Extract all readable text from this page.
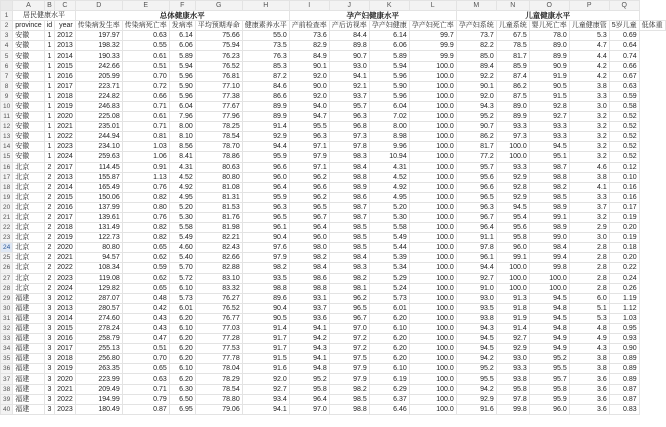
	A	B	C	D	E	F	G	H	I	J	K	L	M	N	O	P	Q	
1	居民健康水平			总体健康水平					孕产妇健康水平				儿童健康水平					
2	province	id	year	传染病发生率	传染病死亡率	发病率	平均预期寿命	健康素养水平	产前检查率	产后访视率	孕产妇健康	孕产妇死亡率	孕产妇系统	儿童系统	婴儿死亡率	儿童健康管	5岁儿童	低体重
3	安徽	1	2012	197.97	0.63	6.14	75.66	55.0	73.6	84.4	6.14	99.7	73.7	67.5	78.0	5.3	0.69	
4	安徽	1	2013	198.32	0.55	6.06	75.94	73.5	82.9	89.8	6.06	99.9	82.2	78.5	89.0	4.7	0.64	
5	安徽	1	2014	190.33	0.61	5.89	76.23	76.3	84.9	90.7	5.89	99.9	85.0	81.7	89.9	4.4	0.74	
6	安徽	1	2015	242.66	0.51	5.94	76.52	85.3	90.1	93.0	5.94	100.0	89.4	85.9	90.9	4.2	0.66	
7	安徽	1	2016	205.99	0.70	5.96	76.81	87.2	92.0	94.1	5.96	100.0	92.2	87.4	91.9	4.2	0.67	
8	安徽	1	2017	223.71	0.72	5.90	77.10	84.6	90.0	92.1	5.90	100.0	90.1	86.2	90.5	3.8	0.63	
9	安徽	1	2018	224.82	0.66	5.96	77.38	86.6	92.0	93.7	5.96	100.0	92.0	87.5	91.5	3.3	0.59	
10	安徽	1	2019	246.83	0.71	6.04	77.67	89.9	94.0	95.7	6.04	100.0	94.3	89.0	92.8	3.0	0.58	
11	安徽	1	2020	225.08	0.61	7.96	77.96	89.9	94.7	96.3	7.02	100.0	95.2	89.9	92.7	3.2	0.52	
12	安徽	1	2021	235.01	0.71	8.00	78.25	91.4	95.5	96.8	8.00	100.0	90.7	93.3	93.3	3.2	0.52	
13	安徽	1	2022	244.94	0.81	8.10	78.54	92.9	96.3	97.3	8.98	100.0	86.2	97.3	93.3	3.2	0.52	
14	安徽	1	2023	234.10	1.03	8.56	78.70	94.4	97.1	97.8	9.96	100.0	81.7	100.0	94.5	3.2	0.52	
15	安徽	1	2024	259.63	1.06	8.41	78.86	95.9	97.9	98.3	10.94	100.0	77.2	100.0	95.1	3.2	0.52	
16	北京	2	2017	114.45	0.91	4.31	80.63	96.6	97.1	98.4	4.31	100.0	95.7	93.3	98.7	4.6	0.12	
17	北京	2	2013	155.87	1.13	4.52	80.80	96.0	96.2	98.8	4.52	100.0	95.6	92.9	98.8	3.8	0.10	
18	北京	2	2014	165.49	0.76	4.92	81.08	96.4	96.6	98.9	4.92	100.0	96.6	92.8	98.2	4.1	0.16	
19	北京	2	2015	150.06	0.82	4.95	81.31	95.9	96.2	98.6	4.95	100.0	96.5	92.9	98.5	3.3	0.16	
20	北京	2	2016	137.99	0.80	5.20	81.53	96.3	96.5	98.7	5.20	100.0	96.3	94.5	98.9	3.7	0.17	
21	北京	2	2017	139.61	0.76	5.30	81.76	96.5	96.7	98.7	5.30	100.0	96.7	95.4	99.1	3.2	0.19	
22	北京	2	2018	131.49	0.82	5.58	81.98	96.1	96.4	98.5	5.58	100.0	96.4	95.6	98.9	2.9	0.20	
23	北京	2	2019	122.73	0.82	5.49	82.21	90.4	96.0	98.5	5.49	100.0	91.1	95.8	99.0	3.0	0.19	
24	北京	2	2020	80.80	0.65	4.60	82.43	97.6	98.0	98.5	5.44	100.0	97.8	96.0	98.4	2.8	0.18	
25	北京	2	2021	94.57	0.62	5.40	82.66	97.9	98.2	98.4	5.39	100.0	96.1	99.1	99.4	2.8	0.20	
26	北京	2	2022	108.34	0.59	5.70	82.88	98.2	98.4	98.3	5.34	100.0	94.4	100.0	99.8	2.8	0.22	
27	北京	2	2023	119.08	0.62	5.72	83.10	93.5	98.6	98.2	5.29	100.0	92.7	100.0	100.0	2.8	0.24	
28	北京	2	2024	129.82	0.65	6.10	83.32	98.8	98.8	98.1	5.24	100.0	91.0	100.0	100.0	2.8	0.26	
29	福建	3	2012	287.07	0.48	5.73	76.27	89.6	93.1	96.2	5.73	100.0	93.0	91.3	94.5	6.0	1.19	
30	福建	3	2013	280.57	0.42	6.01	76.52	90.4	93.7	96.5	6.01	100.0	93.5	91.8	94.8	5.1	1.12	
31	福建	3	2014	274.60	0.43	6.20	76.77	90.5	93.6	96.7	6.20	100.0	93.8	91.9	94.5	5.3	1.03	
32	福建	3	2015	278.24	0.43	6.10	77.03	91.4	94.1	97.0	6.10	100.0	94.3	91.4	94.8	4.8	0.95	
33	福建	3	2016	258.79	0.47	6.20	77.28	91.7	94.2	97.2	6.20	100.0	94.5	92.7	94.9	4.9	0.93	
34	福建	3	2017	255.13	0.51	6.20	77.53	91.7	94.3	97.2	6.20	100.0	94.5	92.9	94.9	4.3	0.90	
35	福建	3	2018	256.80	0.70	6.20	77.78	91.5	94.1	97.5	6.20	100.0	94.2	93.0	95.2	3.8	0.89	
36	福建	3	2019	263.35	0.65	6.10	78.04	91.6	94.8	97.9	6.10	100.0	95.2	93.3	95.5	3.8	0.89	
37	福建	3	2020	223.99	0.63	6.20	78.29	92.0	95.2	97.9	6.19	100.0	95.5	93.8	95.7	3.6	0.89	
38	福建	3	2021	209.49	0.71	6.30	78.54	92.7	95.8	98.2	6.29	100.0	94.2	95.8	95.8	3.6	0.87	
39	福建	3	2022	194.99	0.79	6.50	78.80	93.4	96.4	98.5	6.37	100.0	92.9	97.8	95.9	3.6	0.87	
40	福建	3	2023	180.49	0.87	6.95	79.06	94.1	97.0	98.8	6.46	100.0	91.6	99.8	96.0	3.6	0.83	
